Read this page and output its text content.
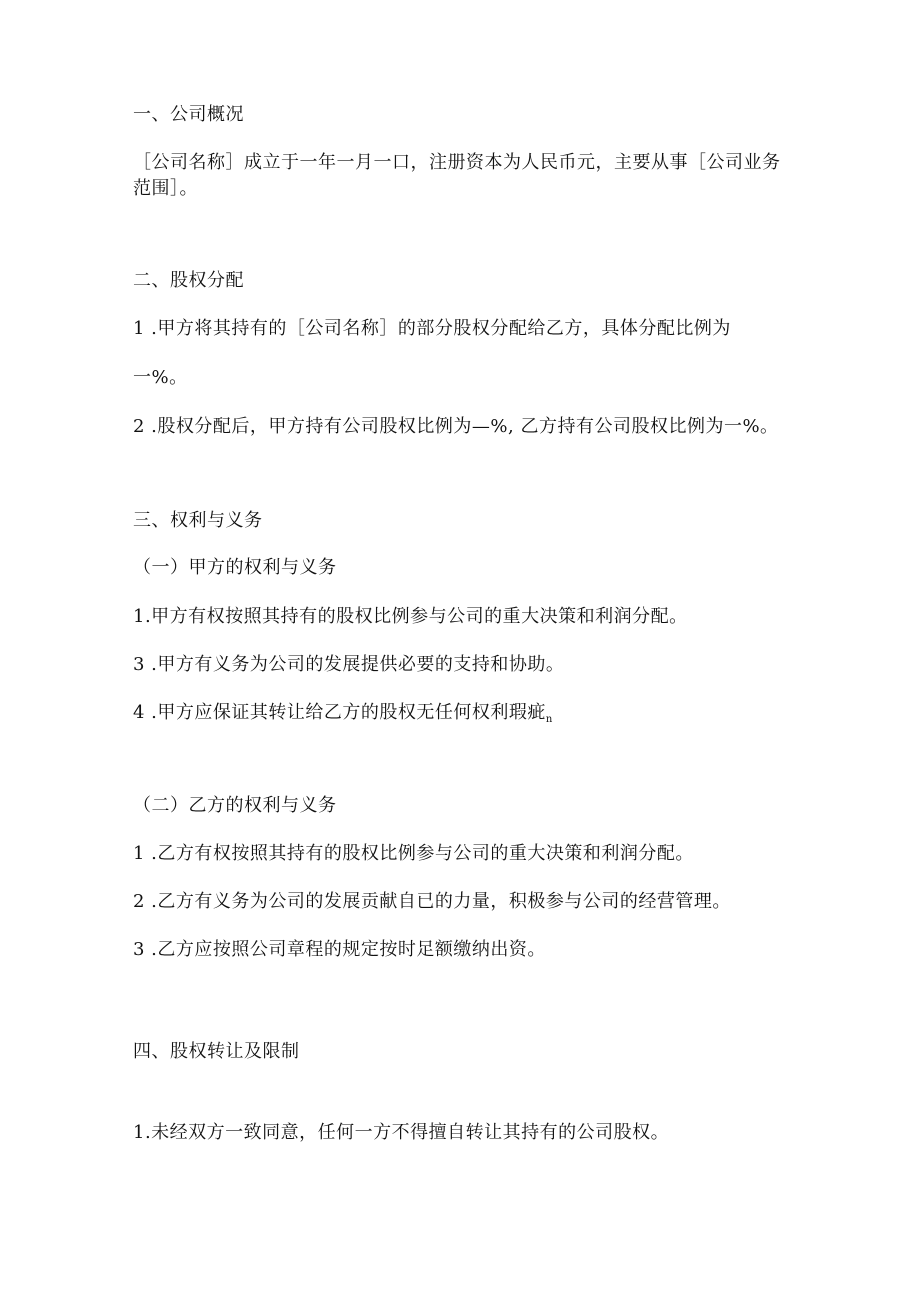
一、公司概况
［公司名称］成立于一年一月一口，注册资本为人民币元，主要从事［公司业务
范围］。
二、股权分配
1 .甲方将其持有的［公司名称］的部分股权分配给乙方，具体分配比例为
一%。
2 .股权分配后，甲方持有公司股权比例为—%, 乙方持有公司股权比例为一%。
三、权利与义务
（一）甲方的权利与义务
1.甲方有权按照其持有的股权比例参与公司的重大决策和利润分配。
3 .甲方有义务为公司的发展提供必要的支持和协助。
4 .甲方应保证其转让给乙方的股权无任何权利瑕疵$_n$
（二）乙方的权利与义务
1 .乙方有权按照其持有的股权比例参与公司的重大决策和利润分配。
2 .乙方有义务为公司的发展贡献自已的力量，积极参与公司的经营管理。
3 .乙方应按照公司章程的规定按时足额缴纳出资。
四、股权转让及限制
1.未经双方一致同意，任何一方不得擅自转让其持有的公司股权。
